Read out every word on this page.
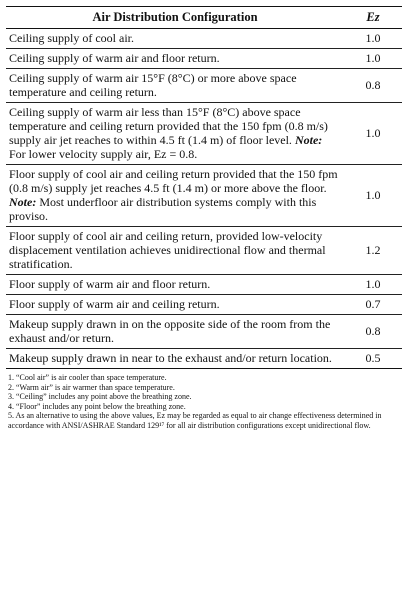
Air Distribution Configuration	Ez
Ceiling supply of cool air.	1.0
Ceiling supply of warm air and floor return.	1.0
Ceiling supply of warm air 15°F (8°C) or more above space temperature and ceiling return.	0.8
Ceiling supply of warm air less than 15°F (8°C) above space temperature and ceiling return provided that the 150 fpm (0.8 m/s) supply air jet reaches to within 4.5 ft (1.4 m) of floor level. Note: For lower velocity supply air, Ez = 0.8.	1.0
Floor supply of cool air and ceiling return provided that the 150 fpm (0.8 m/s) supply jet reaches 4.5 ft (1.4 m) or more above the floor. Note: Most underfloor air distribution systems comply with this proviso.	1.0
Floor supply of cool air and ceiling return, provided low-velocity displacement ventilation achieves unidirectional flow and thermal stratification.	1.2
Floor supply of warm air and floor return.	1.0
Floor supply of warm air and ceiling return.	0.7
Makeup supply drawn in on the opposite side of the room from the exhaust and/or return.	0.8
Makeup supply drawn in near to the exhaust and/or return location.	0.5
1. “Cool air” is air cooler than space temperature.
2. “Warm air” is air warmer than space temperature.
3. “Ceiling” includes any point above the breathing zone.
4. “Floor” includes any point below the breathing zone.
5. As an alternative to using the above values, Ez may be regarded as equal to air change effectiveness determined in accordance with ANSI/ASHRAE Standard 129¹⁷ for all air distribution configurations except unidirectional flow.
